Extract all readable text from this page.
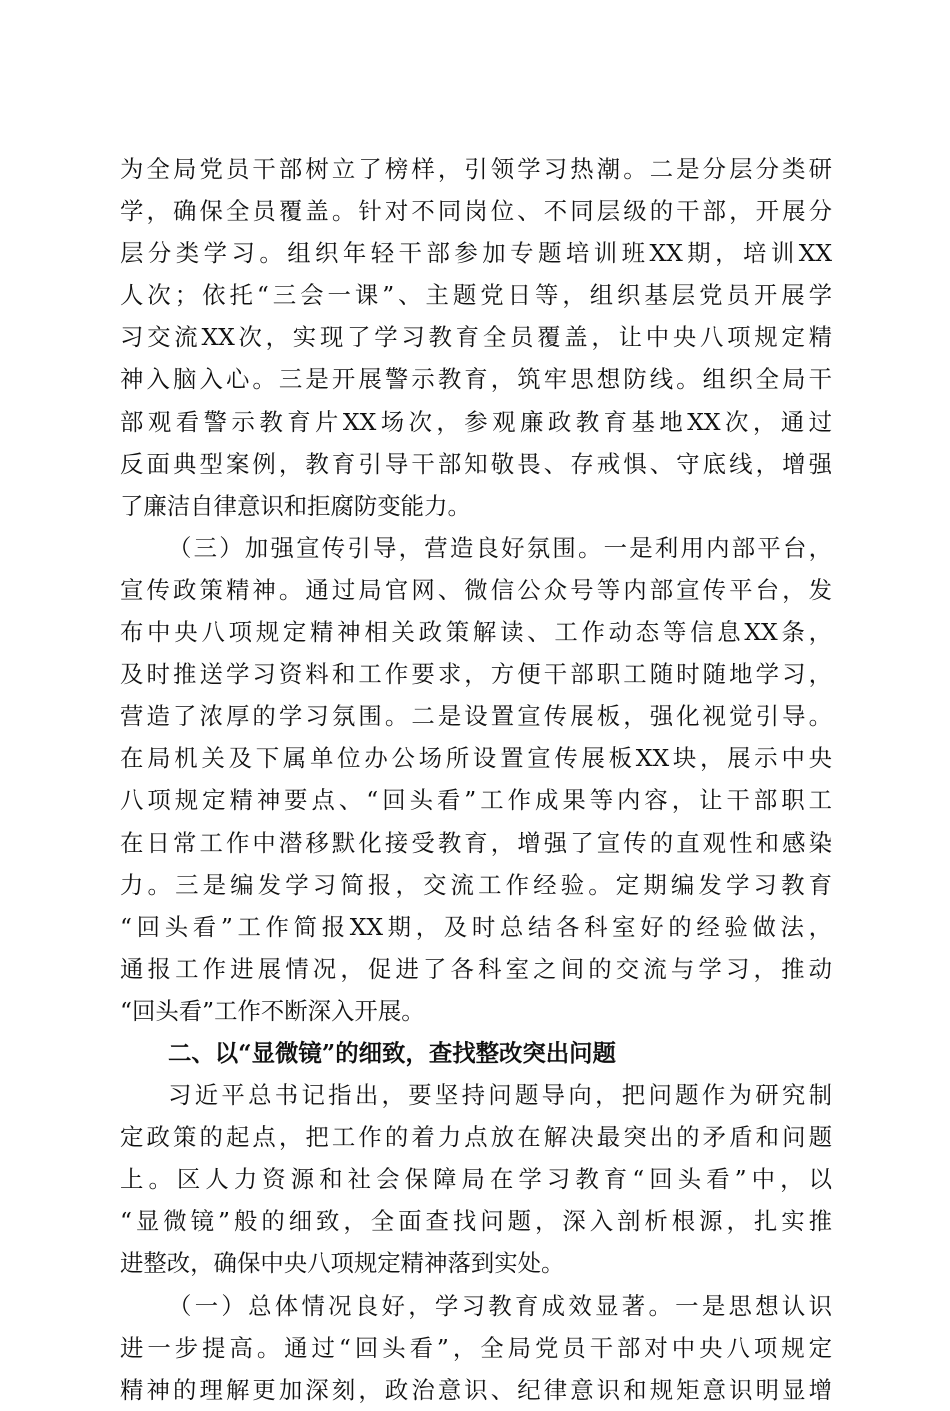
为全局党员干部树立了榜样，引领学习热潮。二是分层分类研
学，确保全员覆盖。针对不同岗位、不同层级的干部，开展分
层分类学习。组织年轻干部参加专题培训班XX期，培训XX
人次；依托“三会一课”、主题党日等，组织基层党员开展学
习交流XX次，实现了学习教育全员覆盖，让中央八项规定精
神入脑入心。三是开展警示教育，筑牢思想防线。组织全局干
部观看警示教育片XX场次，参观廉政教育基地XX次，通过
反面典型案例，教育引导干部知敬畏、存戒惧、守底线，增强
了廉洁自律意识和拒腐防变能力。
（三）加强宣传引导，营造良好氛围。一是利用内部平台，
宣传政策精神。通过局官网、微信公众号等内部宣传平台，发
布中央八项规定精神相关政策解读、工作动态等信息XX条，
及时推送学习资料和工作要求，方便干部职工随时随地学习，
营造了浓厚的学习氛围。二是设置宣传展板，强化视觉引导。
在局机关及下属单位办公场所设置宣传展板XX块，展示中央
八项规定精神要点、“回头看”工作成果等内容，让干部职工
在日常工作中潜移默化接受教育，增强了宣传的直观性和感染
力。三是编发学习简报，交流工作经验。定期编发学习教育
“回头看”工作简报XX期，及时总结各科室好的经验做法，
通报工作进展情况，促进了各科室之间的交流与学习，推动
“回头看”工作不断深入开展。
二、以“显微镜”的细致，查找整改突出问题
习近平总书记指出，要坚持问题导向，把问题作为研究制
定政策的起点，把工作的着力点放在解决最突出的矛盾和问题
上。区人力资源和社会保障局在学习教育“回头看”中，以
“显微镜”般的细致，全面查找问题，深入剖析根源，扎实推
进整改，确保中央八项规定精神落到实处。
（一）总体情况良好，学习教育成效显著。一是思想认识
进一步提高。通过“回头看”，全局党员干部对中央八项规定
精神的理解更加深刻，政治意识、纪律意识和规矩意识明显增
